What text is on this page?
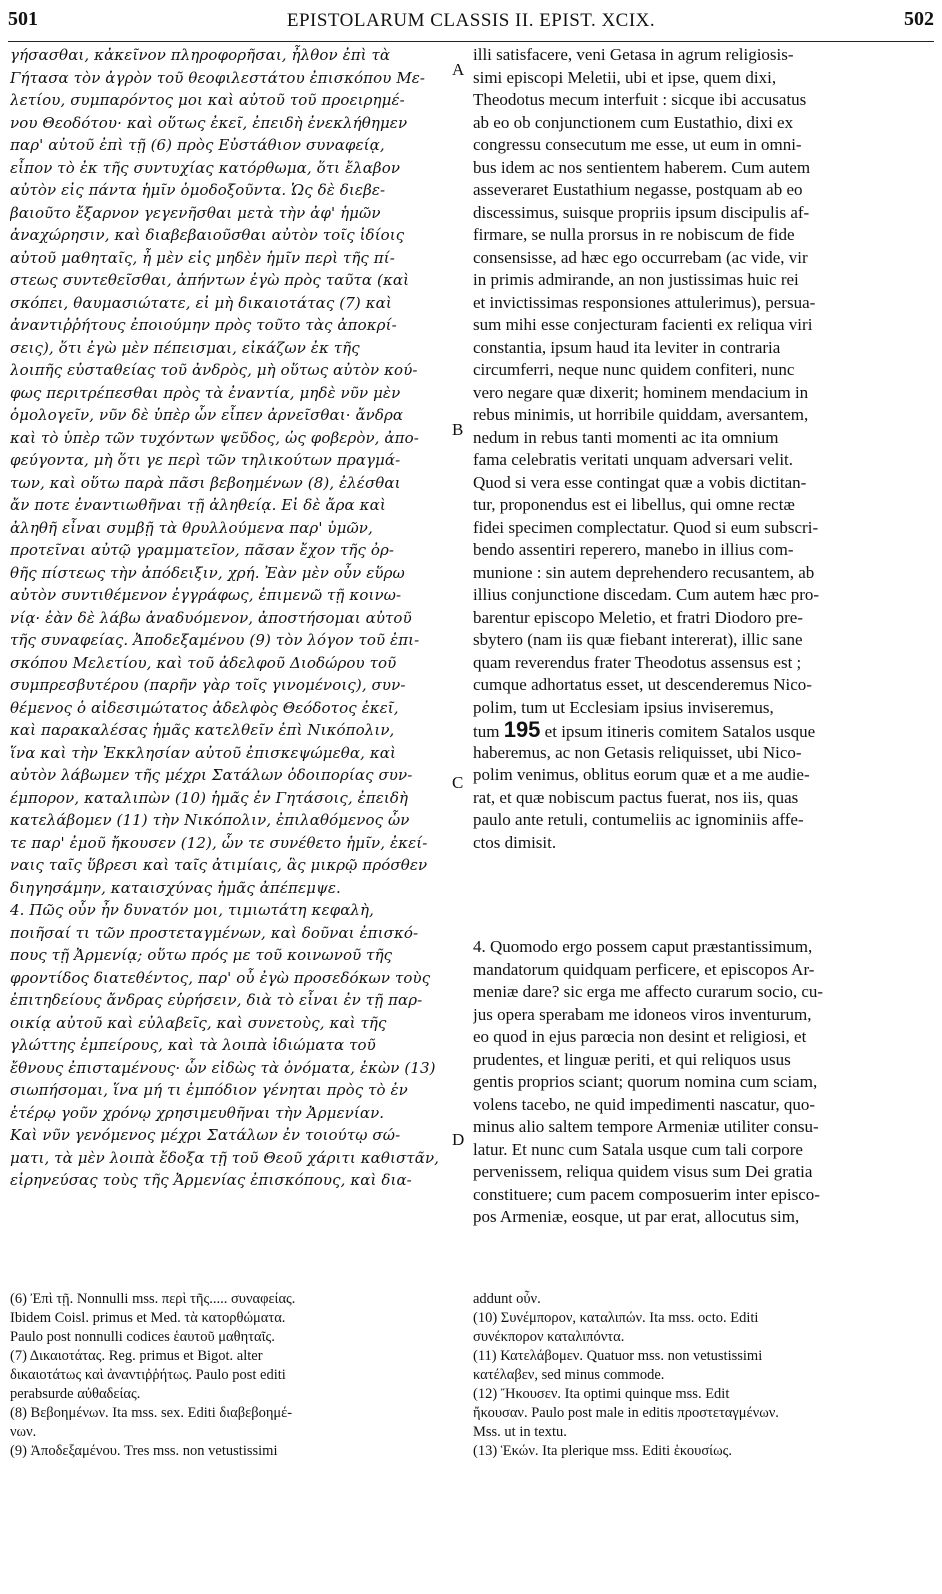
501	EPISTOLARUM CLASSIS II. EPIST. XCIX.	502
γήσασθαι, κἀκεῖνον πληροφορῆσαι, ἦλθον ἐπὶ τὰ
Γήτασα τὸν ἀγρὸν τοῦ θεοφιλεστάτου ἐπισκόπου Με-
λετίου, συμπαρόντος μοι καὶ αὐτοῦ τοῦ προειρημέ-
νου Θεοδότου· καὶ οὕτως ἐκεῖ, ἐπειδὴ ἐνεκλήθημεν
παρ' αὐτοῦ ἐπὶ τῇ (6) πρὸς Εὐστάθιον συναφείᾳ,
εἶπον τὸ ἐκ τῆς συντυχίας κατόρθωμα, ὅτι ἔλαβον
αὐτὸν εἰς πάντα ἡμῖν ὁμοδοξοῦντα. Ὡς δὲ διεβε-
βαιοῦτο ἔξαρνον γεγενῆσθαι μετὰ τὴν ἀφ' ἡμῶν
ἀναχώρησιν, καὶ διαβεβαιοῦσθαι αὐτὸν τοῖς ἰδίοις
αὐτοῦ μαθηταῖς, ἦ μὲν εἰς μηδὲν ἡμῖν περὶ τῆς πί-
στεως συντεθεῖσθαι, ἀπήντων ἐγὼ πρὸς ταῦτα (καὶ
σκόπει, θαυμασιώτατε, εἰ μὴ δικαιοτάτας (7) καὶ
ἀναντιῤῥήτους ἐποιούμην πρὸς τοῦτο τὰς ἀποκρί-
σεις), ὅτι ἐγὼ μὲν πέπεισμαι, εἰκάζων ἐκ τῆς
λοιπῆς εὐσταθείας τοῦ ἀνδρὸς, μὴ οὕτως αὐτὸν κού-
φως περιτρέπεσθαι πρὸς τὰ ἐναντία, μηδὲ νῦν μὲν
ὁμολογεῖν, νῦν δὲ ὑπὲρ ὧν εἶπεν ἀρνεῖσθαι· ἄνδρα
καὶ τὸ ὑπὲρ τῶν τυχόντων ψεῦδος, ὡς φοβερὸν, ἀπο-
φεύγοντα, μὴ ὅτι γε περὶ τῶν τηλικούτων πραγμά-
των, καὶ οὕτω παρὰ πᾶσι βεβοημένων (8), ἐλέσθαι
ἄν ποτε ἐναντιωθῆναι τῇ ἀληθείᾳ. Εἰ δὲ ἄρα καὶ
ἀληθῆ εἶναι συμβῇ τὰ θρυλλούμενα παρ' ὑμῶν,
προτεῖναι αὐτῷ γραμματεῖον, πᾶσαν ἔχον τῆς ὀρ-
θῆς πίστεως τὴν ἀπόδειξιν, χρή. Ἐὰν μὲν οὖν εὕρω
αὐτὸν συντιθέμενον ἐγγράφως, ἐπιμενῶ τῇ κοινω-
νίᾳ· ἐὰν δὲ λάβω ἀναδυόμενον, ἀποστήσομαι αὐτοῦ
τῆς συναφείας. Ἀποδεξαμένου (9) τὸν λόγον τοῦ ἐπι-
σκόπου Μελετίου, καὶ τοῦ ἀδελφοῦ Διοδώρου τοῦ
συμπρεσβυτέρου (παρῆν γὰρ τοῖς γινομένοις), συν-
θέμενος ὁ αἰδεσιμώτατος ἀδελφὸς Θεόδοτος ἐκεῖ,
καὶ παρακαλέσας ἡμᾶς κατελθεῖν ἐπὶ Νικόπολιν,
ἵνα καὶ τὴν Ἐκκλησίαν αὐτοῦ ἐπισκεψώμεθα, καὶ
αὐτὸν λάβωμεν τῆς μέχρι Σατάλων ὁδοιπορίας συν-
έμπορον, καταλιπὼν (10) ἡμᾶς ἐν Γητάσοις, ἐπειδὴ
κατελάβομεν (11) τὴν Νικόπολιν, ἐπιλαθόμενος ὧν
τε παρ' ἐμοῦ ἤκουσεν (12), ὧν τε συνέθετο ἡμῖν, ἐκεί-
ναις ταῖς ὕβρεσι καὶ ταῖς ἀτιμίαις, ἃς μικρῷ πρόσθεν
διηγησάμην, καταισχύνας ἡμᾶς ἀπέπεμψε.
4. Πῶς οὖν ἦν δυνατόν μοι, τιμιωτάτη κεφαλὴ,
ποιῆσαί τι τῶν προστεταγμένων, καὶ δοῦναι ἐπισκό-
πους τῇ Ἀρμενίᾳ; οὕτω πρός με τοῦ κοινωνοῦ τῆς
φροντίδος διατεθέντος, παρ' οὗ ἐγὼ προσεδόκων τοὺς
ἐπιτηδείους ἄνδρας εὑρήσειν, διὰ τὸ εἶναι ἐν τῇ παρ-
οικίᾳ αὐτοῦ καὶ εὐλαβεῖς, καὶ συνετοὺς, καὶ τῆς
γλώττης ἐμπείρους, καὶ τὰ λοιπὰ ἰδιώματα τοῦ
ἔθνους ἐπισταμένους· ὧν εἰδὼς τὰ ὀνόματα, ἑκὼν (13)
σιωπήσομαι, ἵνα μή τι ἐμπόδιον γένηται πρὸς τὸ ἐν
ἑτέρῳ γοῦν χρόνῳ χρησιμευθῆναι τὴν Ἀρμενίαν.
Καὶ νῦν γενόμενος μέχρι Σατάλων ἐν τοιούτῳ σώ-
ματι, τὰ μὲν λοιπὰ ἔδοξα τῇ τοῦ Θεοῦ χάριτι καθιστᾶν,
εἰρηνεύσας τοὺς τῆς Ἀρμενίας ἐπισκόπους, καὶ δια-
illi satisfacere, veni Getasa in agrum religiosis-
simi episcopi Meletii, ubi et ipse, quem dixi,
Theodotus mecum interfuit : sicque ibi accusatus
ab eo ob conjunctionem cum Eustathio, dixi ex
congressu consecutum me esse, ut eum in omni-
bus idem ac nos sentientem haberem. Cum autem
asseveraret Eustathium negasse, postquam ab eo
discessimus, suisque propriis ipsum discipulis af-
firmare, se nulla prorsus in re nobiscum de fide
consensisse, ad hæc ego occurrebam (ac vide, vir
in primis admirande, an non justissimas huic rei
et invictissimas responsiones attulerimus), persua-
sum mihi esse conjecturam facienti ex reliqua viri
constantia, ipsum haud ita leviter in contraria
circumferri, neque nunc quidem confiteri, nunc
vero negare quæ dixerit; hominem mendacium in
rebus minimis, ut horribile quiddam, aversantem,
nedum in rebus tanti momenti ac ita omnium
fama celebratis veritati unquam adversari velit.
Quod si vera esse contingat quæ a vobis dictitan-
tur, proponendus est ei libellus, qui omne rectæ
fidei specimen complectatur. Quod si eum subscri-
bendo assentiri reperero, manebo in illius com-
munione : sin autem deprehendero recusantem, ab
illius conjunctione discedam. Cum autem hæc pro-
barentur episcopo Meletio, et fratri Diodoro pre-
sbytero (nam iis quæ fiebant intererat), illic sane
quam reverendus frater Theodotus assensus est ;
cumque adhortatus esset, ut descenderemus Nico-
polim, tum ut Ecclesiam ipsius inviseremus,
tum 195 et ipsum itineris comitem Satalos usque
haberemus, ac non Getasis reliquisset, ubi Nico-
polim venimus, oblitus eorum quæ et a me audie-
rat, et quæ nobiscum pactus fuerat, nos iis, quas
paulo ante retuli, contumeliis ac ignominiis affe-
ctos dimisit.
4. Quomodo ergo possem caput præstantissimum,
mandatorum quidquam perficere, et episcopos Ar-
meniæ dare? sic erga me affecto curarum socio, cu-
jus opera sperabam me idoneos viros inventurum,
eo quod in ejus parœcia non desint et religiosi, et
prudentes, et linguæ periti, et qui reliquos usus
gentis proprios sciant; quorum nomina cum sciam,
volens tacebo, ne quid impedimenti nascatur, quo-
minus alio saltem tempore Armeniæ utiliter consu-
latur. Et nunc cum Satala usque cum tali corpore
pervenissem, reliqua quidem visus sum Dei gratia
constituere; cum pacem composuerim inter episco-
pos Armeniæ, eosque, ut par erat, allocutus sim,
A
B
C
D
(6) Ἐπὶ τῇ. Nonnulli mss. περὶ τῆς..... συναφείας.
Ibidem Coisl. primus et Med. τὰ κατορθώματα.
Paulo post nonnulli codices ἑαυτοῦ μαθηταῖς.
(7) Δικαιοτάτας. Reg. primus et Bigot. alter
δικαιοτάτως καὶ ἀναντιῤῥήτως. Paulo post editi
perabsurde αὐθαδείας.
(8) Βεβοημένων. Ita mss. sex. Editi διαβεβοημέ-
νων.
(9) Ἀποδεξαμένου. Tres mss. non vetustissimi
addunt οὖν.
(10) Συνέμπορον, καταλιπών. Ita mss. octo. Editi
συνέκπορον καταλιπόντα.
(11) Κατελάβομεν. Quatuor mss. non vetustissimi
κατέλαβεν, sed minus commode.
(12) Ἤκουσεν. Ita optimi quinque mss. Edit
ἤκουσαν. Paulo post male in editis προστεταγμένων.
Mss. ut in textu.
(13) Ἑκών. Ita plerique mss. Editi ἑκουσίως.
